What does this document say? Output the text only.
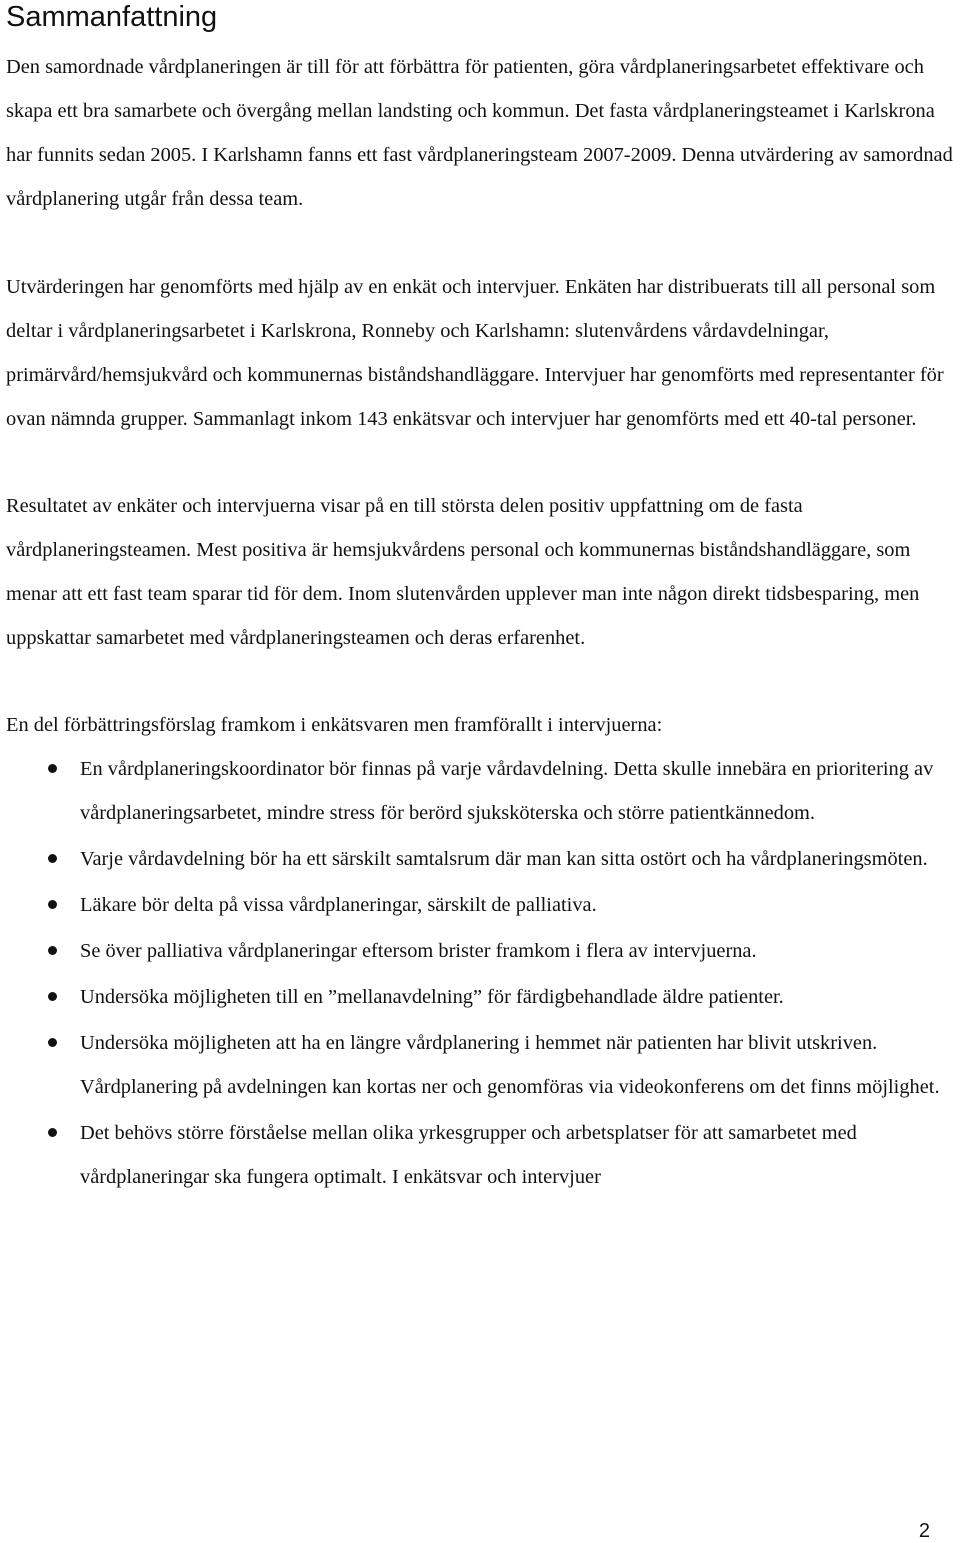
Sammanfattning

Den samordnade vårdplaneringen är till för att förbättra för patienten, göra vårdplaneringsarbetet effektivare och skapa ett bra samarbete och övergång mellan landsting och kommun. Det fasta vårdplaneringsteamet i Karlskrona har funnits sedan 2005. I Karlshamn fanns ett fast vårdplaneringsteam 2007-2009. Denna utvärdering av samordnad vårdplanering utgår från dessa team.

Utvärderingen har genomförts med hjälp av en enkät och intervjuer. Enkäten har distribuerats till all personal som deltar i vårdplaneringsarbetet i Karlskrona, Ronneby och Karlshamn: slutenvårdens vårdavdelningar, primärvård/hemsjukvård och kommunernas biståndshandläggare. Intervjuer har genomförts med representanter för ovan nämnda grupper. Sammanlagt inkom 143 enkätsvar och intervjuer har genomförts med ett 40-tal personer.

Resultatet av enkäter och intervjuerna visar på en till största delen positiv uppfattning om de fasta vårdplaneringsteamen. Mest positiva är hemsjukvårdens personal och kommunernas biståndshandläggare, som menar att ett fast team sparar tid för dem. Inom slutenvården upplever man inte någon direkt tidsbesparing, men uppskattar samarbetet med vårdplaneringsteamen och deras erfarenhet.

En del förbättringsförslag framkom i enkätsvaren men framförallt i intervjuerna:

En vårdplaneringskoordinator bör finnas på varje vårdavdelning. Detta skulle innebära en prioritering av vårdplaneringsarbetet, mindre stress för berörd sjuksköterska och större patientkännedom.
Varje vårdavdelning bör ha ett särskilt samtalsrum där man kan sitta ostört och ha vårdplaneringsmöten.
Läkare bör delta på vissa vårdplaneringar, särskilt de palliativa.
Se över palliativa vårdplaneringar eftersom brister framkom i flera av intervjuerna.
Undersöka möjligheten till en ”mellanavdelning” för färdigbehandlade äldre patienter.
Undersöka möjligheten att ha en längre vårdplanering i hemmet när patienten har blivit utskriven. Vårdplanering på avdelningen kan kortas ner och genomföras via videokonferens om det finns möjlighet.
Det behövs större förståelse mellan olika yrkesgrupper och arbetsplatser för att samarbetet med vårdplaneringar ska fungera optimalt. I enkätsvar och intervjuer
2
